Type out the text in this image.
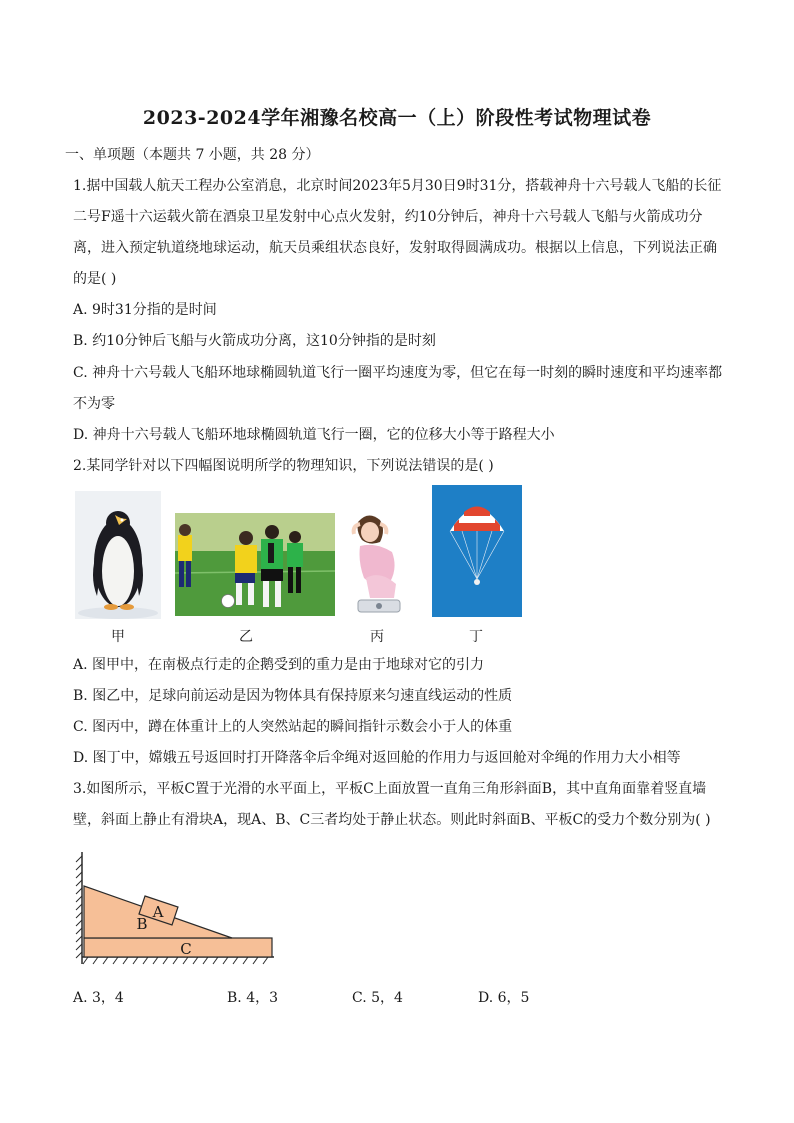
2023-2024学年湘豫名校高一（上）阶段性考试物理试卷
一、单项题（本题共 7 小题，共 28 分）
1.据中国载人航天工程办公室消息，北京时间2023年5月30日9时31分，搭载神舟十六号载人飞船的长征
二号F遥十六运载火箭在酒泉卫星发射中心点火发射，约10分钟后，神舟十六号载人飞船与火箭成功分
离，进入预定轨道绕地球运动，航天员乘组状态良好，发射取得圆满成功。根据以上信息，下列说法正确
的是( )
A. 9时31分指的是时间
B. 约10分钟后飞船与火箭成功分离，这10分钟指的是时刻
C. 神舟十六号载人飞船环地球椭圆轨道飞行一圈平均速度为零，但它在每一时刻的瞬时速度和平均速率都
不为零
D. 神舟十六号载人飞船环地球椭圆轨道飞行一圈，它的位移大小等于路程大小
2.某同学针对以下四幅图说明所学的物理知识，下列说法错误的是( )
甲	乙	丙	丁
A. 图甲中，在南极点行走的企鹅受到的重力是由于地球对它的引力
B. 图乙中，足球向前运动是因为物体具有保持原来匀速直线运动的性质
C. 图丙中，蹲在体重计上的人突然站起的瞬间指针示数会小于人的体重
D. 图丁中，嫦娥五号返回时打开降落伞后伞绳对返回舱的作用力与返回舱对伞绳的作用力大小相等
3.如图所示，平板C置于光滑的水平面上，平板C上面放置一直角三角形斜面B，其中直角面靠着竖直墙
壁，斜面上静止有滑块A，现A、B、C三者均处于静止状态。则此时斜面B、平板C的受力个数分别为( )
A
B
C
A. 3，4	B. 4，3	C. 5，4	D. 6，5
